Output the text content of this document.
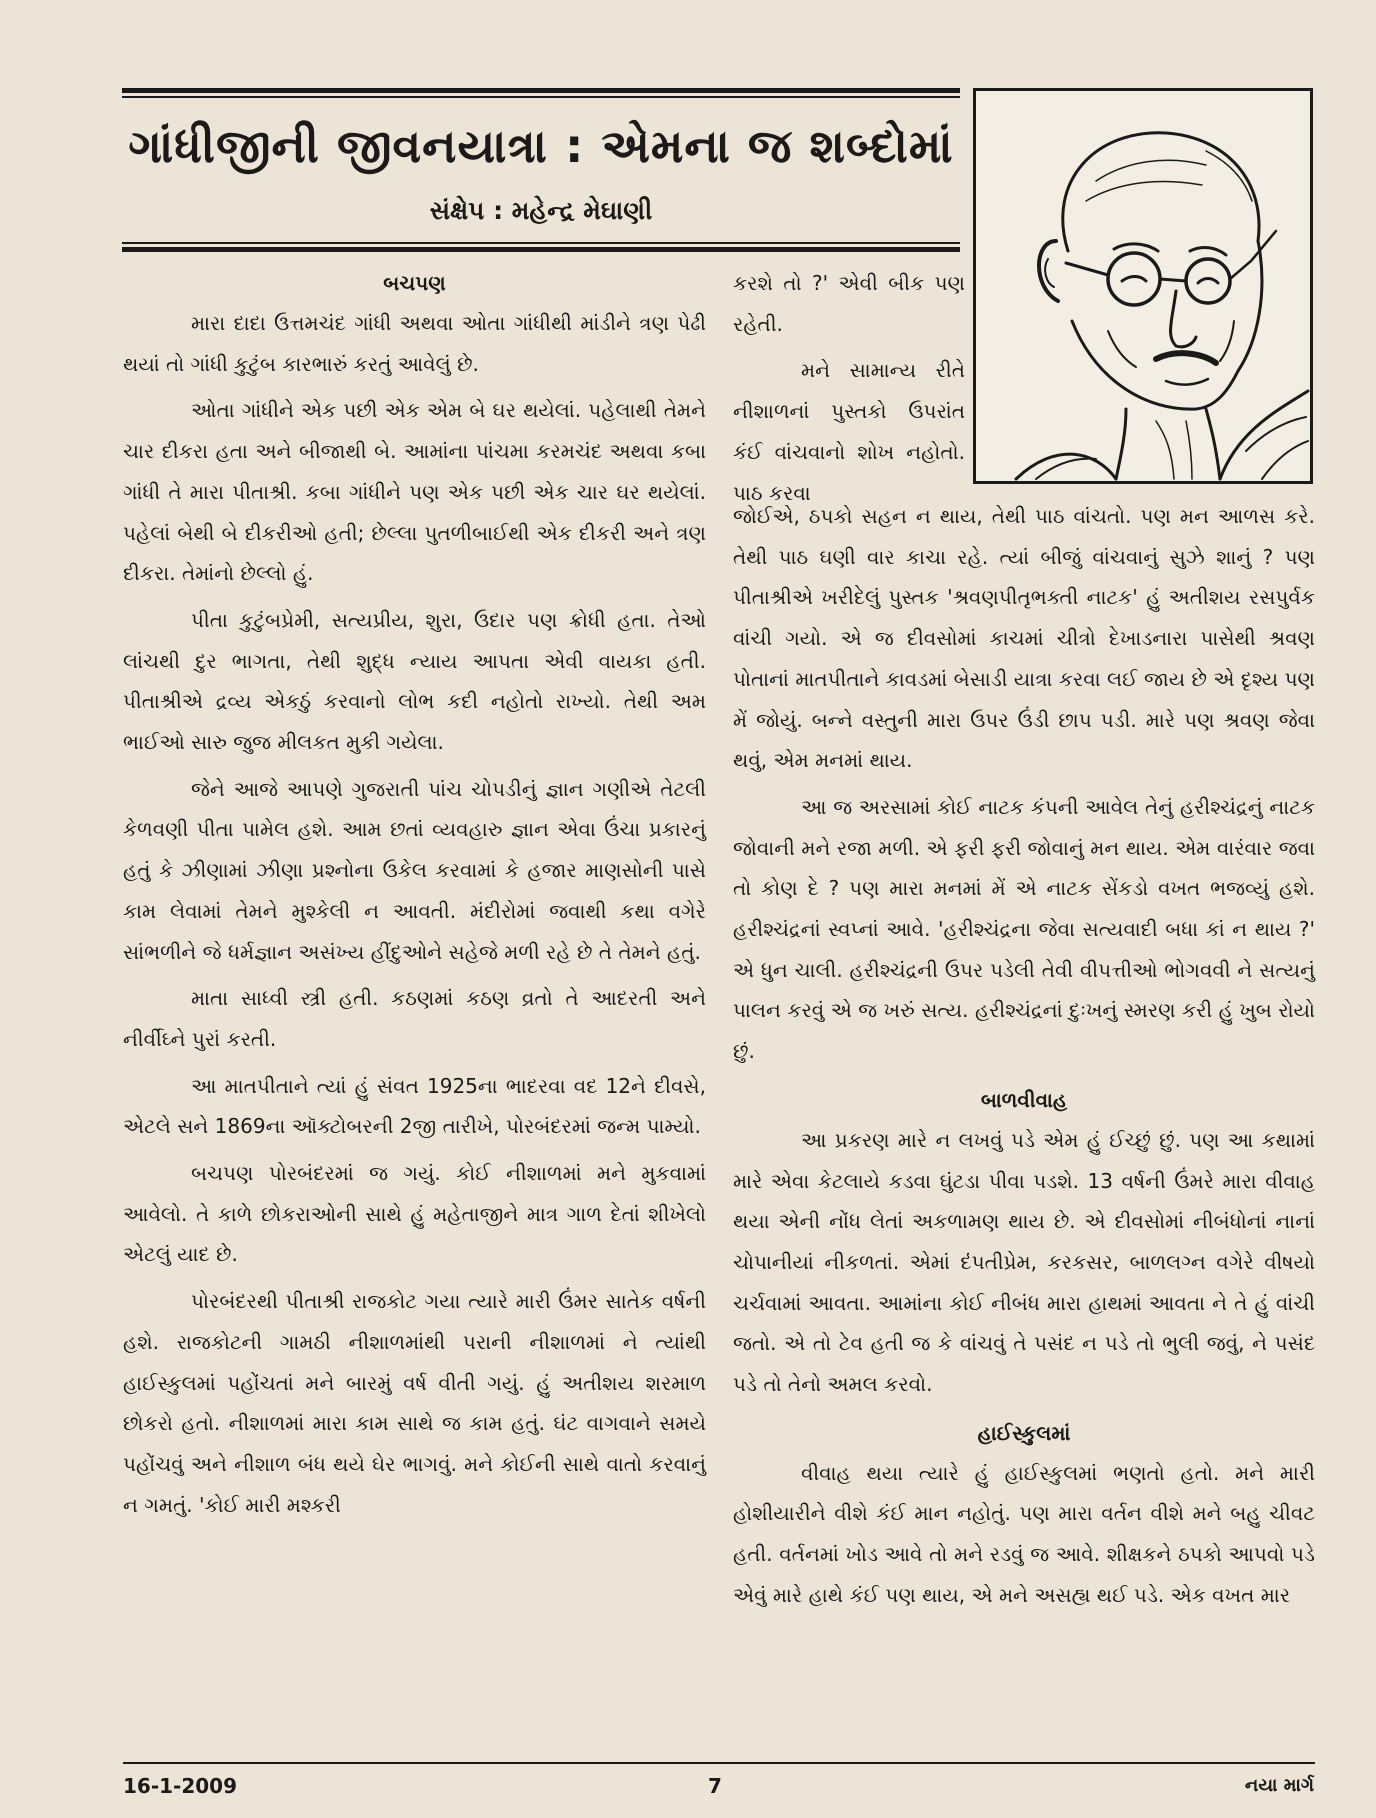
ગાંધીજીની જીવનયાત્રા : એમના જ શબ્દોમાં
સંક્ષેપ : મહેન્દ્ર મેઘાણી
બચપણ

મારા દાદા ઉત્તમચંદ ગાંધી અથવા ઓતા ગાંધીથી માંડીને ત્રણ પેઢી થયાં તો ગાંધી કુટુંબ કારભારું કરતું આવેલું છે.

ઓતા ગાંધીને એક પછી એક એમ બે ઘર થયેલાં. પહેલાથી તેમને ચાર દીકરા હતા અને બીજાથી બે. આમાંના પાંચમા કરમચંદ અથવા કબા ગાંધી તે મારા પીતાશ્રી. કબા ગાંધીને પણ એક પછી એક ચાર ઘર થયેલાં. પહેલાં બેથી બે દીકરીઓ હતી; છેલ્લા પુતળીબાઈથી એક દીકરી અને ત્રણ દીકરા. તેમાંનો છેલ્લો હું.

પીતા કુટુંબપ્રેમી, સત્યપ્રીય, શુરા, ઉદાર પણ ક્રોધી હતા. તેઓ લાંચથી દુર ભાગતા, તેથી શુદ્ધ ન્યાય આપતા એવી વાયકા હતી. પીતાશ્રીએ દ્રવ્ય એકઠું કરવાનો લોભ કદી નહોતો રાખ્યો. તેથી અમ ભાઈઓ સારુ જુજ મીલકત મુકી ગયેલા.

જેને આજે આપણે ગુજરાતી પાંચ ચોપડીનું જ્ઞાન ગણીએ તેટલી કેળવણી પીતા પામેલ હશે. આમ છતાં વ્યવહારુ જ્ઞાન એવા ઉંચા પ્રકારનું હતું કે ઝીણામાં ઝીણા પ્રશ્નોના ઉકેલ કરવામાં કે હજાર માણસોની પાસે કામ લેવામાં તેમને મુશ્કેલી ન આવતી. મંદીરોમાં જવાથી કથા વગેરે સાંભળીને જે ધર્મજ્ઞાન અસંખ્ય હીંદુઓને સહેજે મળી રહે છે તે તેમને હતું.

માતા સાધ્વી સ્ત્રી હતી. કઠણમાં કઠણ વ્રતો તે આદરતી અને નીર્વીઘ્ને પુરાં કરતી.

આ માતપીતાને ત્યાં હું સંવત 1925ના ભાદરવા વદ 12ને દીવસે, એટલે સને 1869ના ઑક્ટોબરની 2જી તારીખે, પોરબંદરમાં જન્મ પામ્યો.

બચપણ પોરબંદરમાં જ ગયું. કોઈ નીશાળમાં મને મુકવામાં આવેલો. તે કાળે છોકરાઓની સાથે હું મહેતાજીને માત્ર ગાળ દેતાં શીખેલો એટલું યાદ છે.

પોરબંદરથી પીતાશ્રી રાજકોટ ગયા ત્યારે મારી ઉંમર સાતેક વર્ષની હશે. રાજકોટની ગામઠી નીશાળમાંથી પરાની નીશાળમાં ને ત્યાંથી હાઈસ્કુલમાં પહોંચતાં મને બારમું વર્ષ વીતી ગયું. હું અતીશય શરમાળ છોકરો હતો. નીશાળમાં મારા કામ સાથે જ કામ હતું. ઘંટ વાગવાને સમયે પહોંચવું અને નીશાળ બંધ થયે ઘેર ભાગવું. મને કોઈની સાથે વાતો કરવાનું ન ગમતું. 'કોઈ મારી મશ્કરી

કરશે તો ?' એવી બીક પણ રહેતી.

મને સામાન્ય રીતે નીશાળનાં પુસ્તકો ઉપરાંત કંઈ વાંચવાનો શોખ નહોતો. પાઠ કરવા

જોઈએ, ઠપકો સહન ન થાય, તેથી પાઠ વાંચતો. પણ મન આળસ કરે. તેથી પાઠ ઘણી વાર કાચા રહે. ત્યાં બીજું વાંચવાનું સુઝે શાનું ? પણ પીતાશ્રીએ ખરીદેલું પુસ્તક 'શ્રવણપીતૃભક્તી નાટક' હું અતીશય રસપુર્વક વાંચી ગયો. એ જ દીવસોમાં કાચમાં ચીત્રો દેખાડનારા પાસેથી શ્રવણ પોતાનાં માતપીતાને કાવડમાં બેસાડી યાત્રા કરવા લઈ જાય છે એ દૃશ્ય પણ મેં જોયું. બન્ને વસ્તુની મારા ઉપર ઉંડી છાપ પડી. મારે પણ શ્રવણ જેવા થવું, એમ મનમાં થાય.

આ જ અરસામાં કોઈ નાટક કંપની આવેલ તેનું હરીશ્ચંદ્રનું નાટક જોવાની મને રજા મળી. એ ફરી ફરી જોવાનું મન થાય. એમ વારંવાર જવા તો કોણ દે ? પણ મારા મનમાં મેં એ નાટક સેંકડો વખત ભજવ્યું હશે. હરીશ્ચંદ્રનાં સ્વપ્નાં આવે. 'હરીશ્ચંદ્રના જેવા સત્યવાદી બધા કાં ન થાય ?' એ ધુન ચાલી. હરીશ્ચંદ્રની ઉપર પડેલી તેવી વીપત્તીઓ ભોગવવી ને સત્યનું પાલન કરવું એ જ ખરું સત્ય. હરીશ્ચંદ્રનાં દુઃખનું સ્મરણ કરી હું ખુબ રોયો છું.

બાળવીવાહ

આ પ્રકરણ મારે ન લખવું પડે એમ હું ઈચ્છું છું. પણ આ કથામાં મારે એવા કેટલાયે કડવા ઘુંટડા પીવા પડશે. 13 વર્ષની ઉંમરે મારા વીવાહ થયા એની નોંધ લેતાં અકળામણ થાય છે. એ દીવસોમાં નીબંધોનાં નાનાં ચોપાનીયાં નીકળતાં. એમાં દંપતીપ્રેમ, કરકસર, બાળલગ્ન વગેરે વીષયો ચર્ચવામાં આવતા. આમાંના કોઈ નીબંધ મારા હાથમાં આવતા ને તે હું વાંચી જતો. એ તો ટેવ હતી જ કે વાંચવું તે પસંદ ન પડે તો ભુલી જવું, ને પસંદ પડે તો તેનો અમલ કરવો.

હાઈસ્કુલમાં

વીવાહ થયા ત્યારે હું હાઈસ્કુલમાં ભણતો હતો. મને મારી હોશીયારીને વીશે કંઈ માન નહોતું. પણ મારા વર્તન વીશે મને બહુ ચીવટ હતી. વર્તનમાં ખોડ આવે તો મને રડવું જ આવે. શીક્ષકને ઠપકો આપવો પડે એવું મારે હાથે કંઈ પણ થાય, એ મને અસહ્ય થઈ પડે. એક વખત માર

16-1-2009	7	નયા માર્ગ
